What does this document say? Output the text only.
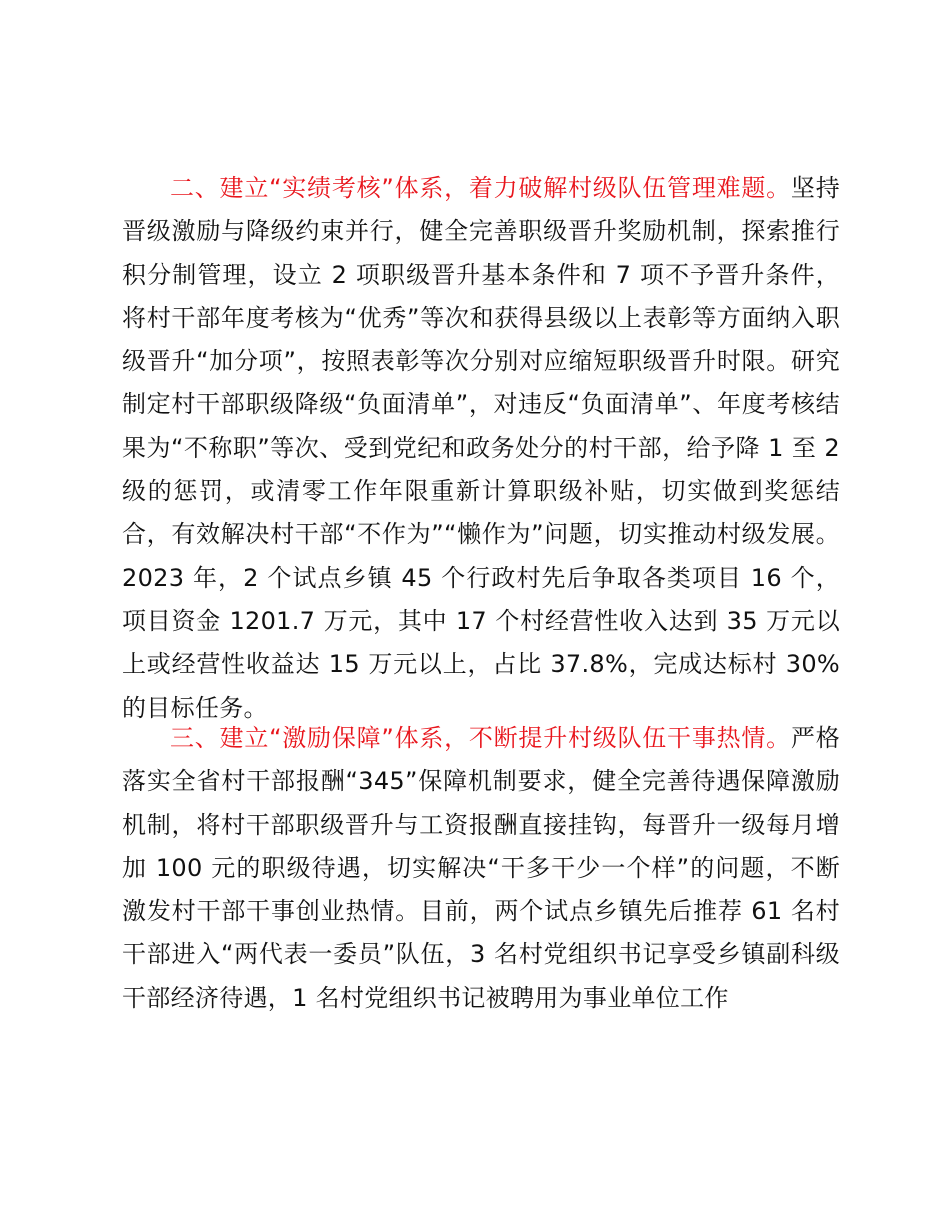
二、建立“实绩考核”体系，着力破解村级队伍管理难题。坚持晋级激励与降级约束并行，健全完善职级晋升奖励机制，探索推行积分制管理，设立 2 项职级晋升基本条件和 7 项不予晋升条件，将村干部年度考核为“优秀”等次和获得县级以上表彰等方面纳入职级晋升“加分项”，按照表彰等次分别对应缩短职级晋升时限。研究制定村干部职级降级“负面清单”，对违反“负面清单”、年度考核结果为“不称职”等次、受到党纪和政务处分的村干部，给予降 1 至 2 级的惩罚，或清零工作年限重新计算职级补贴，切实做到奖惩结合，有效解决村干部“不作为”“懒作为”问题，切实推动村级发展。2023 年，2 个试点乡镇 45 个行政村先后争取各类项目 16 个，项目资金 1201.7 万元，其中 17 个村经营性收入达到 35 万元以上或经营性收益达 15 万元以上，占比 37.8%，完成达标村 30%的目标任务。

三、建立“激励保障”体系，不断提升村级队伍干事热情。严格落实全省村干部报酬“345”保障机制要求，健全完善待遇保障激励机制，将村干部职级晋升与工资报酬直接挂钩，每晋升一级每月增加 100 元的职级待遇，切实解决“干多干少一个样”的问题，不断激发村干部干事创业热情。目前，两个试点乡镇先后推荐 61 名村干部进入“两代表一委员”队伍，3 名村党组织书记享受乡镇副科级干部经济待遇，1 名村党组织书记被聘用为事业单位工作
